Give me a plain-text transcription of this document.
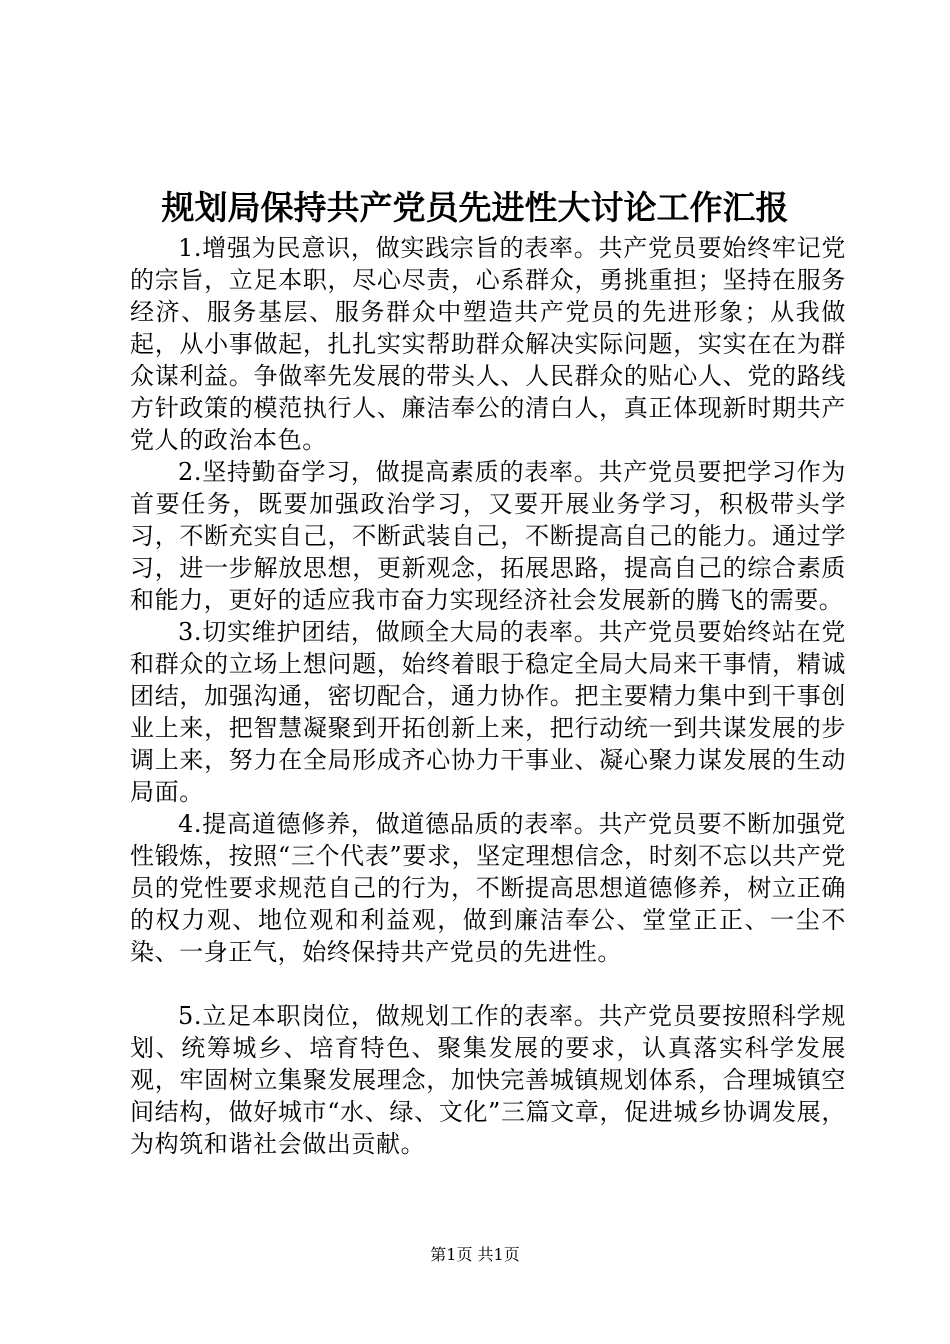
规划局保持共产党员先进性大讨论工作汇报

1.增强为民意识，做实践宗旨的表率。共产党员要始终牢记党的宗旨，立足本职，尽心尽责，心系群众，勇挑重担；坚持在服务经济、服务基层、服务群众中塑造共产党员的先进形象；从我做起，从小事做起，扎扎实实帮助群众解决实际问题，实实在在为群众谋利益。争做率先发展的带头人、人民群众的贴心人、党的路线方针政策的模范执行人、廉洁奉公的清白人，真正体现新时期共产党人的政治本色。

2.坚持勤奋学习，做提高素质的表率。共产党员要把学习作为首要任务，既要加强政治学习，又要开展业务学习，积极带头学习，不断充实自己，不断武装自己，不断提高自己的能力。通过学习，进一步解放思想，更新观念，拓展思路，提高自己的综合素质和能力，更好的适应我市奋力实现经济社会发展新的腾飞的需要。

3.切实维护团结，做顾全大局的表率。共产党员要始终站在党和群众的立场上想问题，始终着眼于稳定全局大局来干事情，精诚团结，加强沟通，密切配合，通力协作。把主要精力集中到干事创业上来，把智慧凝聚到开拓创新上来，把行动统一到共谋发展的步调上来，努力在全局形成齐心协力干事业、凝心聚力谋发展的生动局面。

4.提高道德修养，做道德品质的表率。共产党员要不断加强党性锻炼，按照“三个代表”要求，坚定理想信念，时刻不忘以共产党员的党性要求规范自己的行为，不断提高思想道德修养，树立正确的权力观、地位观和利益观，做到廉洁奉公、堂堂正正、一尘不染、一身正气，始终保持共产党员的先进性。

5.立足本职岗位，做规划工作的表率。共产党员要按照科学规划、统筹城乡、培育特色、聚集发展的要求，认真落实科学发展观，牢固树立集聚发展理念，加快完善城镇规划体系，合理城镇空间结构，做好城市“水、绿、文化”三篇文章，促进城乡协调发展，为构筑和谐社会做出贡献。

第1页 共1页
